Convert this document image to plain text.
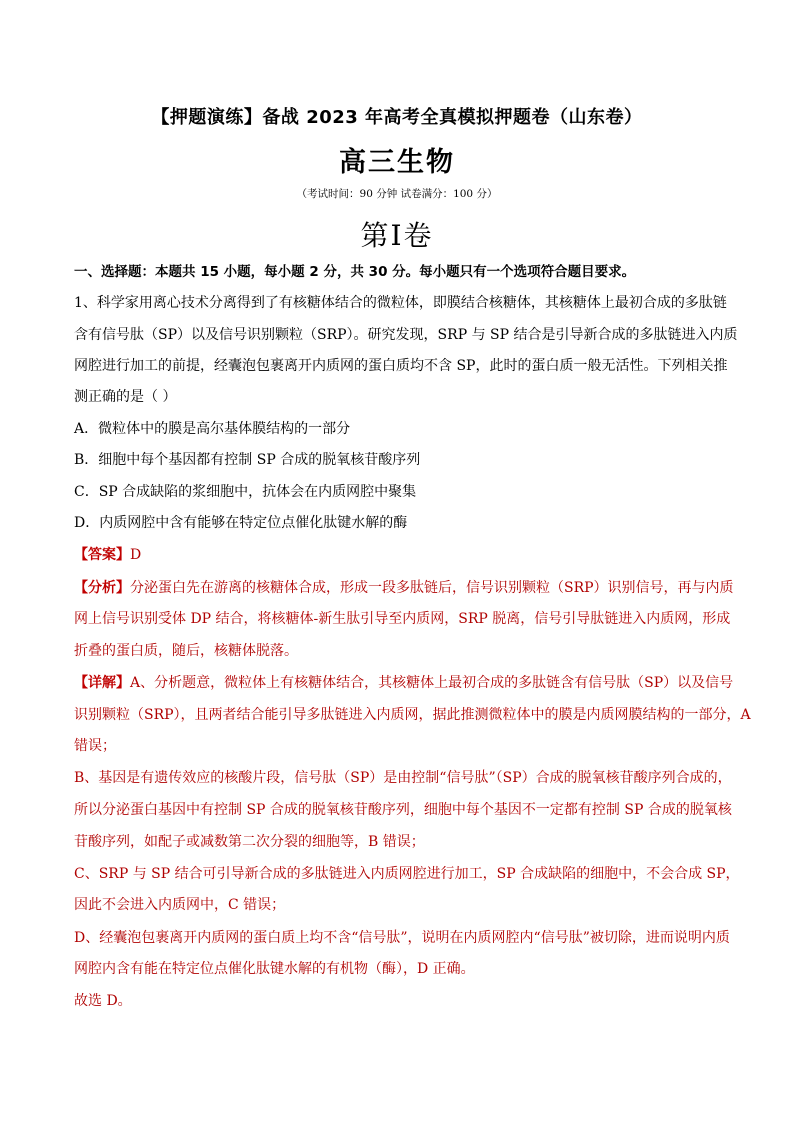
【押题演练】备战 2023 年高考全真模拟押题卷（山东卷）
高三生物
（考试时间：90 分钟 试卷满分：100 分）
第Ⅰ卷
一、选择题：本题共 15 小题，每小题 2 分，共 30 分。每小题只有一个选项符合题目要求。
1、科学家用离心技术分离得到了有核糖体结合的微粒体，即膜结合核糖体，其核糖体上最初合成的多肽链
含有信号肽（SP）以及信号识别颗粒（SRP）。研究发现，SRP 与 SP 结合是引导新合成的多肽链进入内质
网腔进行加工的前提，经囊泡包裹离开内质网的蛋白质均不含 SP，此时的蛋白质一般无活性。下列相关推
测正确的是（ ）
A．微粒体中的膜是高尔基体膜结构的一部分
B．细胞中每个基因都有控制 SP 合成的脱氧核苷酸序列
C．SP 合成缺陷的浆细胞中，抗体会在内质网腔中聚集
D．内质网腔中含有能够在特定位点催化肽键水解的酶
【答案】D
【分析】分泌蛋白先在游离的核糖体合成，形成一段多肽链后，信号识别颗粒（SRP）识别信号，再与内质
网上信号识别受体 DP 结合，将核糖体-新生肽引导至内质网，SRP 脱离，信号引导肽链进入内质网，形成
折叠的蛋白质，随后，核糖体脱落。
【详解】A、分析题意，微粒体上有核糖体结合，其核糖体上最初合成的多肽链含有信号肽（SP）以及信号
识别颗粒（SRP），且两者结合能引导多肽链进入内质网，据此推测微粒体中的膜是内质网膜结构的一部分，A
错误；
B、基因是有遗传效应的核酸片段，信号肽（SP）是由控制“信号肽”（SP）合成的脱氧核苷酸序列合成的，
所以分泌蛋白基因中有控制 SP 合成的脱氧核苷酸序列，细胞中每个基因不一定都有控制 SP 合成的脱氧核
苷酸序列，如配子或减数第二次分裂的细胞等，B 错误；
C、SRP 与 SP 结合可引导新合成的多肽链进入内质网腔进行加工，SP 合成缺陷的细胞中，不会合成 SP，
因此不会进入内质网中，C 错误；
D、经囊泡包裹离开内质网的蛋白质上均不含“信号肽”，说明在内质网腔内“信号肽”被切除，进而说明内质
网腔内含有能在特定位点催化肽键水解的有机物（酶），D 正确。
故选 D。
